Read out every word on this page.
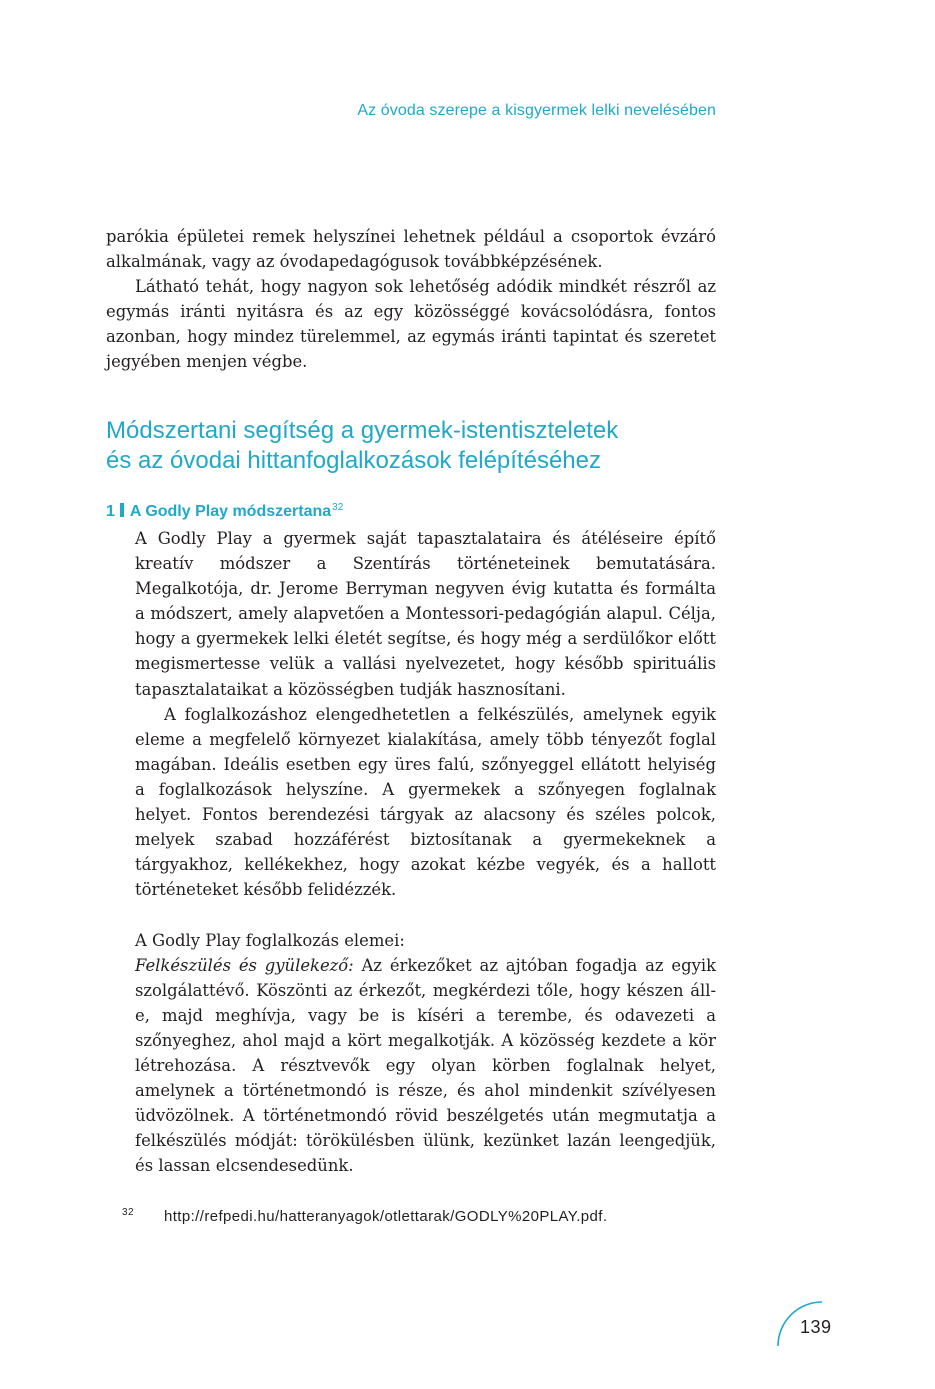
Az óvoda szerepe a kisgyermek lelki nevelésében

parókia épületei remek helyszínei lehetnek például a csoportok évzáró alkalmának, vagy az óvodapedagógusok továbbképzésének.

Látható tehát, hogy nagyon sok lehetőség adódik mindkét részről az egymás iránti nyitásra és az egy közösséggé kovácsolódásra, fontos azonban, hogy mindez türelemmel, az egymás iránti tapintat és szeretet jegyében menjen végbe.

Módszertani segítség a gyermek-istentiszteletek
és az óvodai hittanfoglalkozások felépítéséhez
1 A Godly Play módszertana$^{32}$

A Godly Play a gyermek saját tapasztalataira és átéléseire építő kreatív módszer a Szentírás történeteinek bemutatására. Megalkotója, dr. Jerome Berryman negyven évig kutatta és formálta a módszert, amely alapvetően a Montessori-pedagógián alapul. Célja, hogy a gyermekek lelki életét segítse, és hogy még a serdülőkor előtt megismertesse velük a vallási nyelvezetet, hogy később spirituális tapasztalataikat a közösségben tudják hasznosítani.

A foglalkozáshoz elengedhetetlen a felkészülés, amelynek egyik eleme a megfelelő környezet kialakítása, amely több tényezőt foglal magában. Ideális esetben egy üres falú, szőnyeggel ellátott helyiség a foglalkozások helyszíne. A gyermekek a szőnyegen foglalnak helyet. Fontos berendezési tárgyak az alacsony és széles polcok, melyek szabad hozzáférést biztosítanak a gyermekeknek a tárgyakhoz, kellékekhez, hogy azokat kézbe vegyék, és a hallott történeteket később felidézzék.

A Godly Play foglalkozás elemei:

Felkészülés és gyülekező: Az érkezőket az ajtóban fogadja az egyik szolgálattévő. Köszönti az érkezőt, megkérdezi tőle, hogy készen áll-e, majd meghívja, vagy be is kíséri a terembe, és odavezeti a szőnyeghez, ahol majd a kört megalkotják. A közösség kezdete a kör létrehozása. A résztvevők egy olyan körben foglalnak helyet, amelynek a történetmondó is része, és ahol mindenkit szívélyesen üdvözölnek. A történetmondó rövid beszélgetés után megmutatja a felkészülés módját: törökülésben ülünk, kezünket lazán leengedjük, és lassan elcsendesedünk.

32 http://refpedi.hu/hatteranyagok/otlettarak/GODLY%20PLAY.pdf.
139
